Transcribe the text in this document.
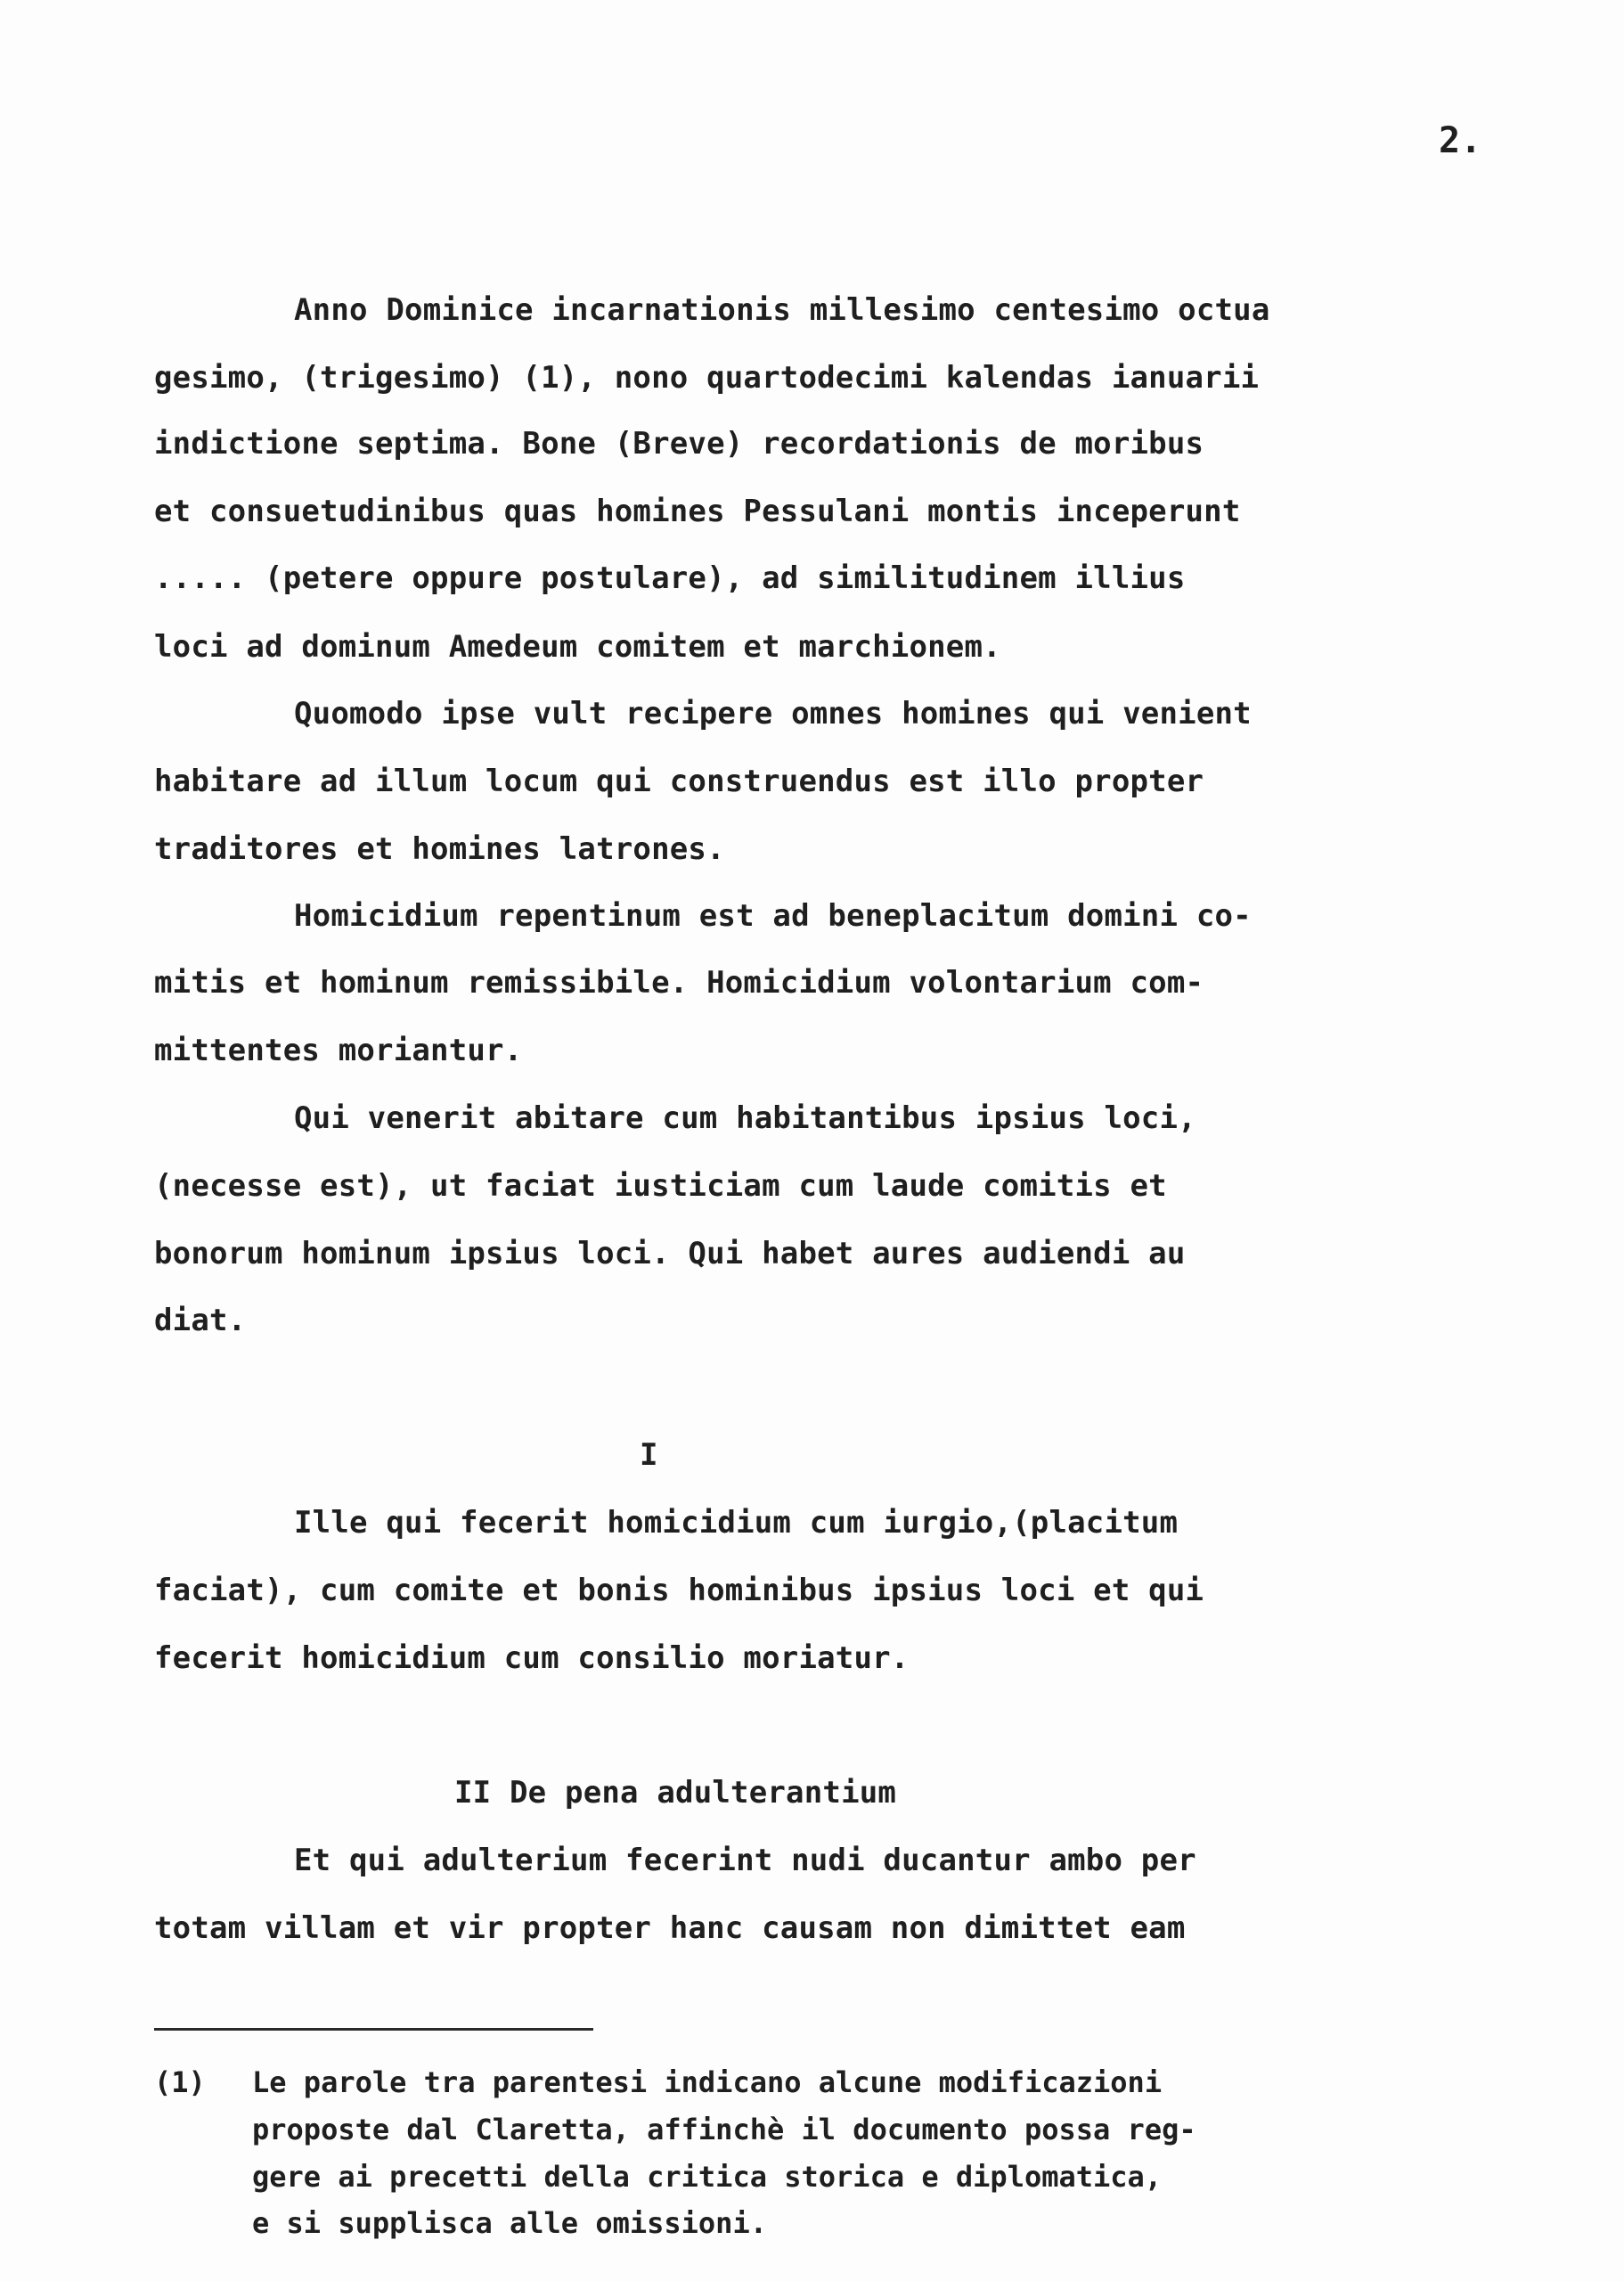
2.
Anno Dominice incarnationis millesimo centesimo octua
gesimo, (trigesimo) (1), nono quartodecimi kalendas ianuarii
indictione septima. Bone (Breve) recordationis de moribus
et consuetudinibus quas homines Pessulani montis inceperunt
..... (petere oppure postulare), ad similitudinem illius
loci ad dominum Amedeum comitem et marchionem.
Quomodo ipse vult recipere omnes homines qui venient
habitare ad illum locum qui construendus est illo propter
traditores et homines latrones.
Homicidium repentinum est ad beneplacitum domini co-
mitis et hominum remissibile. Homicidium volontarium com-
mittentes moriantur.
Qui venerit abitare cum habitantibus ipsius loci,
(necesse est), ut faciat iusticiam cum laude comitis et
bonorum hominum ipsius loci. Qui habet aures audiendi au
diat.
I
Ille qui fecerit homicidium cum iurgio,(placitum
faciat), cum comite et bonis hominibus ipsius loci et qui
fecerit homicidium cum consilio moriatur.
II De pena adulterantium
Et qui adulterium fecerint nudi ducantur ambo per
totam villam et vir propter hanc causam non dimittet eam
(1) Le parole tra parentesi indicano alcune modificazioni
proposte dal Claretta, affinchè il documento possa reg-
gere ai precetti della critica storica e diplomatica,
e si supplisca alle omissioni.
